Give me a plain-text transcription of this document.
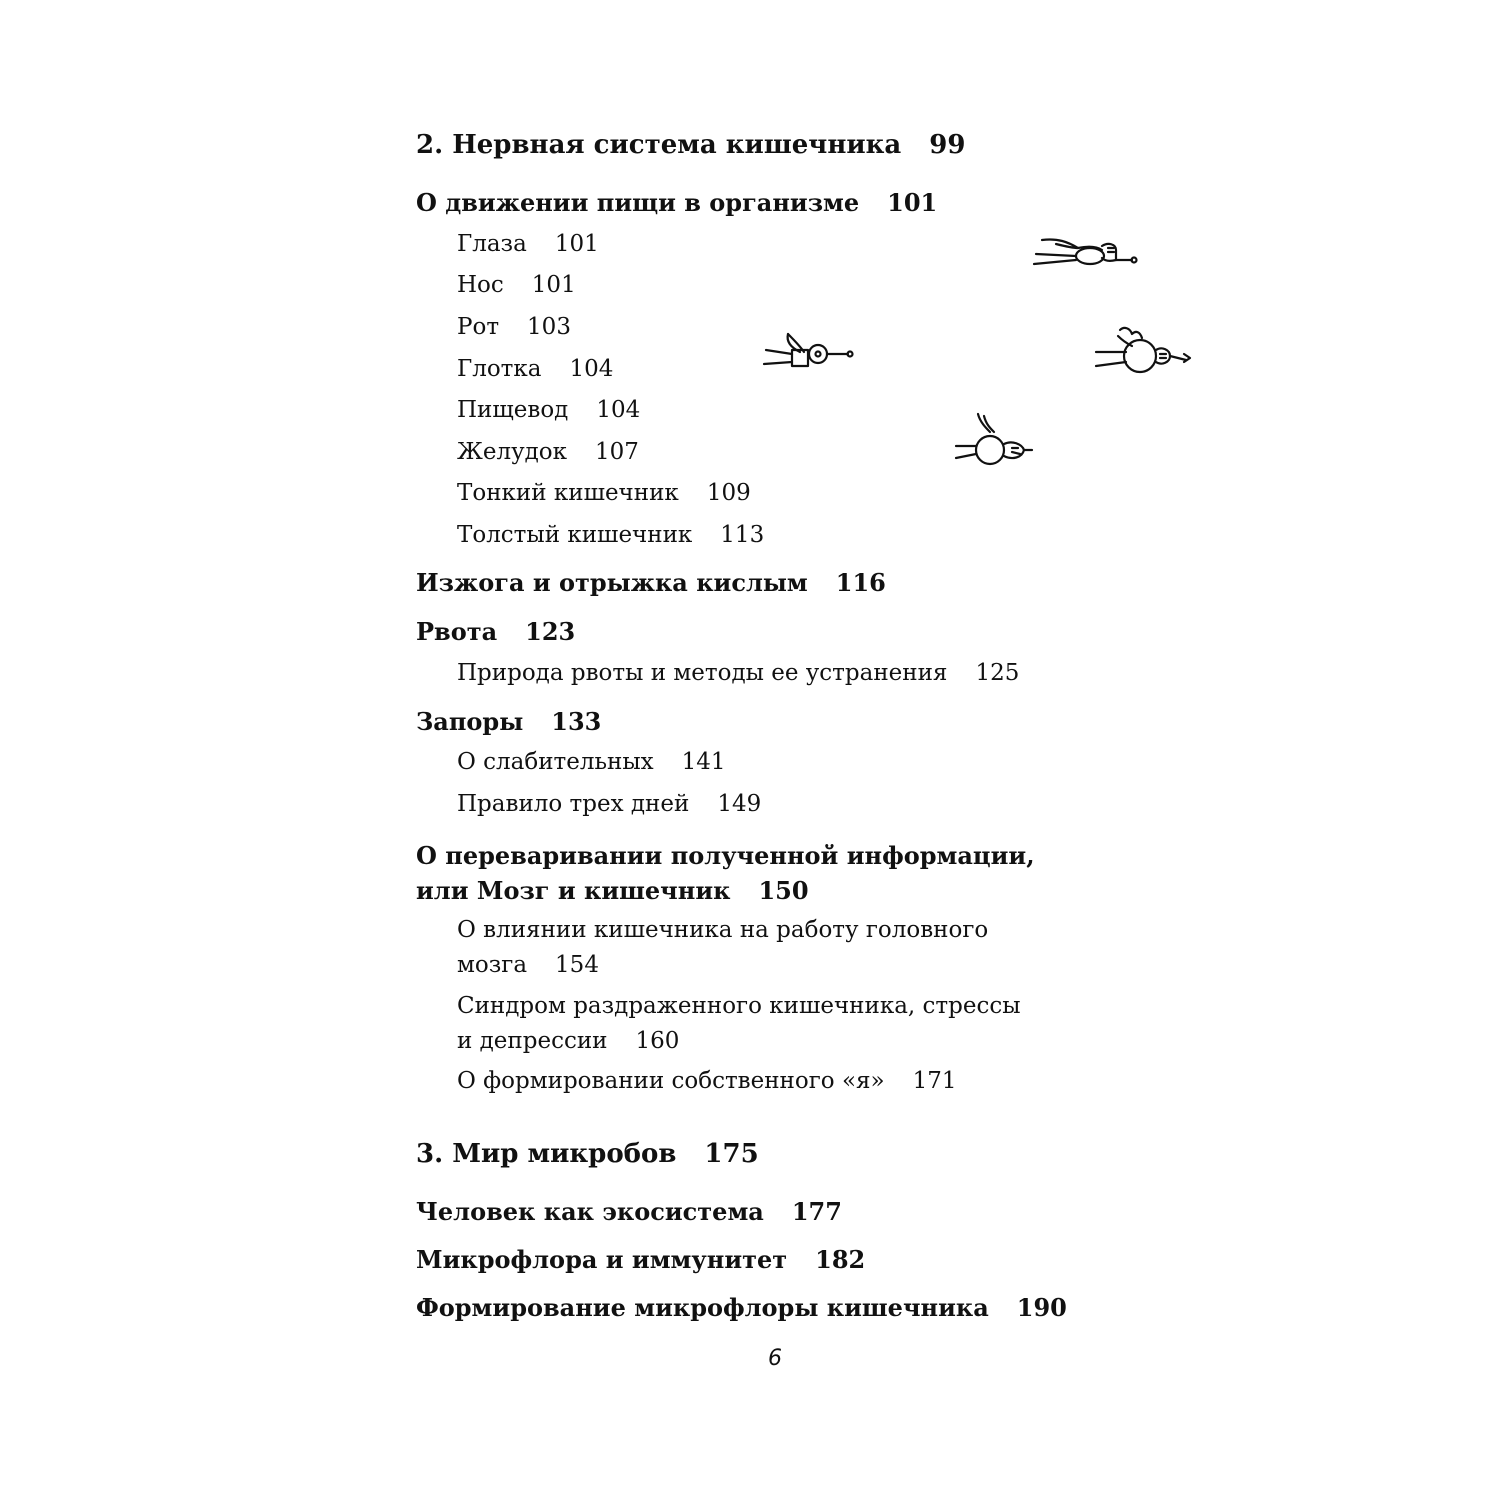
2. Нервная система кишечника 99

О движении пищи в организме 101

Глаза 101

Нос 101

Рот 103

Глотка 104

Пищевод 104

Желудок 107

Тонкий кишечник 109

Толстый кишечник 113

Изжога и отрыжка кислым 116

Рвота 123

Природа рвоты и методы ее устранения 125

Запоры 133

О слабительных 141

Правило трех дней 149

О переваривании полученной информации,
или Мозг и кишечник 150
О влиянии кишечника на работу головного
мозга 154
Синдром раздраженного кишечника, стрессы
и депрессии 160

О формировании собственного «я» 171

3. Мир микробов 175

Человек как экосистема 177

Микрофлора и иммунитет 182

Формирование микрофлоры кишечника 190

6
